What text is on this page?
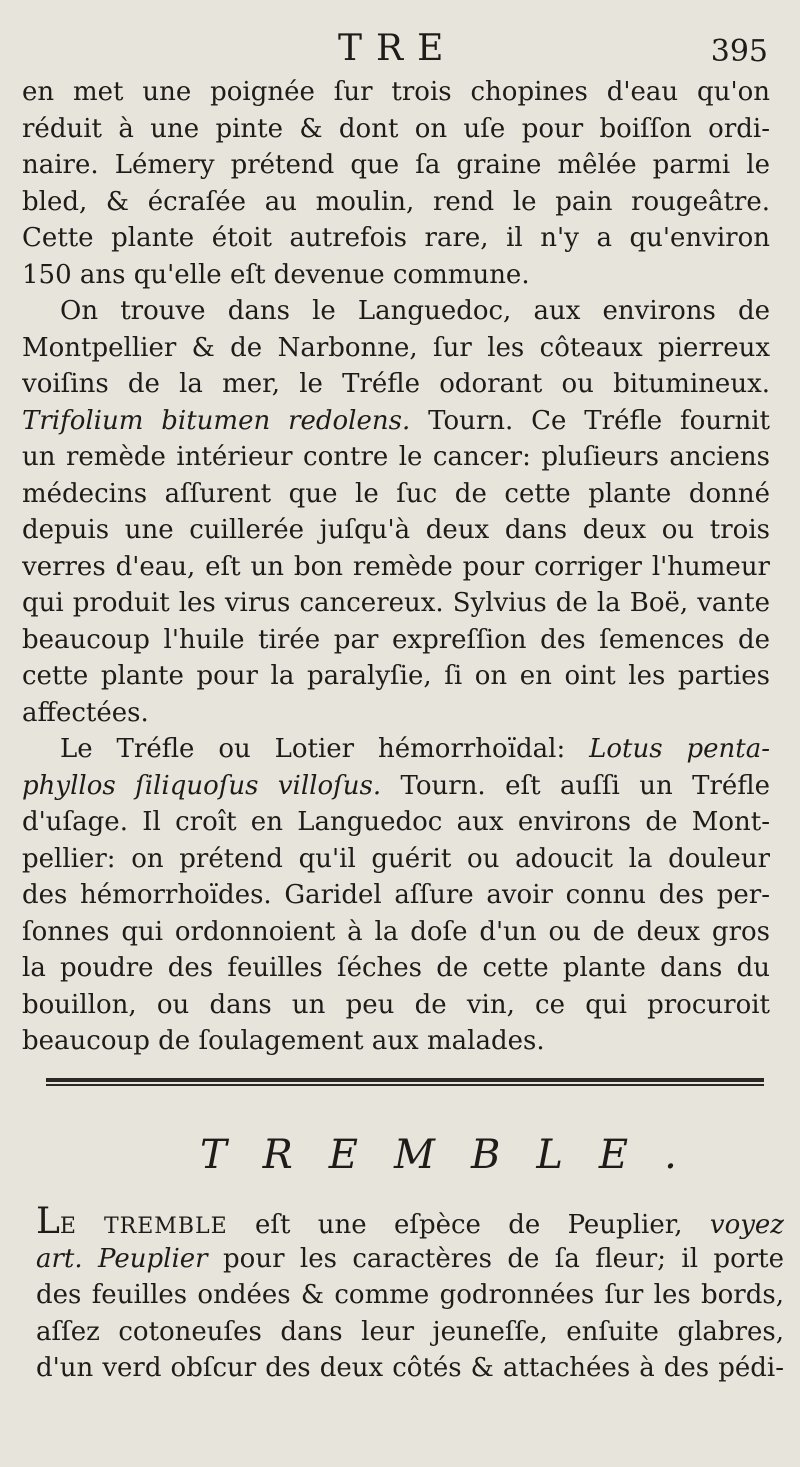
TRE	395
en met une poignée ſur trois chopines d'eau qu'on
réduit à une pinte & dont on uſe pour boiſſon ordi-
naire. Lémery prétend que ſa graine mêlée parmi le
bled, & écraſée au moulin, rend le pain rougeâtre.
Cette plante étoit autrefois rare, il n'y a qu'environ
150 ans qu'elle eſt devenue commune.
On trouve dans le Languedoc, aux environs de
Montpellier & de Narbonne, ſur les côteaux pierreux
voiſins de la mer, le Tréfle odorant ou bitumineux.
Trifolium bitumen redolens. Tourn. Ce Tréfle fournit
un remède intérieur contre le cancer: pluſieurs anciens
médecins aſſurent que le ſuc de cette plante donné
depuis une cuillerée juſqu'à deux dans deux ou trois
verres d'eau, eſt un bon remède pour corriger l'humeur
qui produit les virus cancereux. Sylvius de la Boë, vante
beaucoup l'huile tirée par expreſſion des ſemences de
cette plante pour la paralyſie, ſi on en oint les parties
affectées.
Le Tréfle ou Lotier hémorrhoïdal: Lotus penta-
phyllos ſiliquoſus villoſus. Tourn. eſt auſſi un Tréfle
d'uſage. Il croît en Languedoc aux environs de Mont-
pellier: on prétend qu'il guérit ou adoucit la douleur
des hémorrhoïdes. Garidel aſſure avoir connu des per-
ſonnes qui ordonnoient à la doſe d'un ou de deux gros
la poudre des feuilles ſéches de cette plante dans du
bouillon, ou dans un peu de vin, ce qui procuroit
beaucoup de ſoulagement aux malades.
TREMBLE.
LE TREMBLE eſt une eſpèce de Peuplier, voyez
art. Peuplier pour les caractères de ſa fleur; il porte
des feuilles ondées & comme godronnées ſur les bords,
aſſez cotoneuſes dans leur jeuneſſe, enſuite glabres,
d'un verd obſcur des deux côtés & attachées à des pédi-
